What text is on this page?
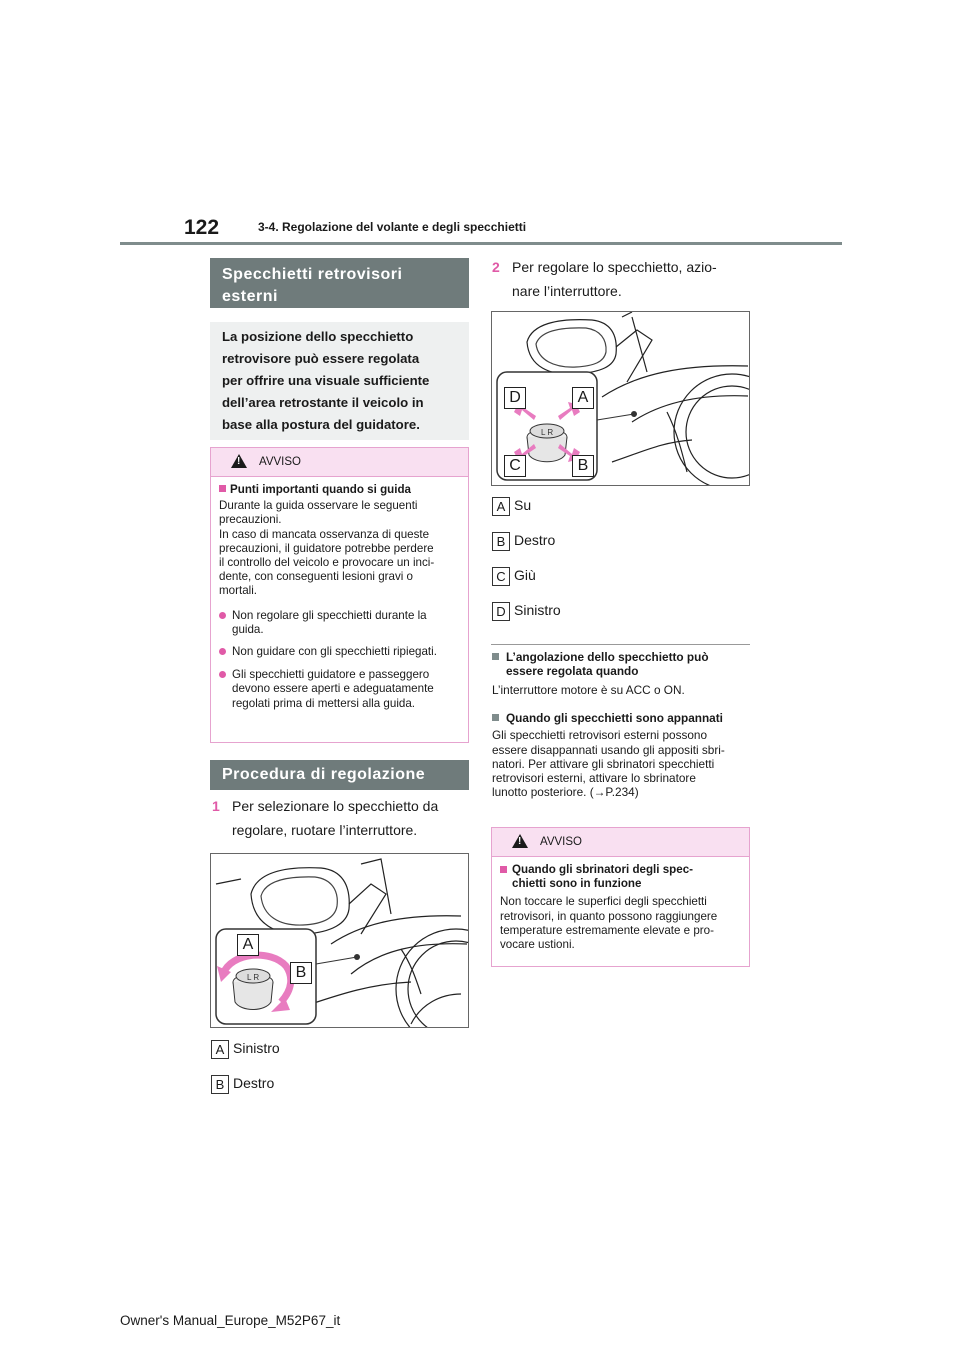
122	3-4. Regolazione del volante e degli specchietti
Specchietti retrovisori
esterni
La posizione dello specchietto
retrovisore può essere regolata
per offrire una visuale sufficiente
dell’area retrostante il veicolo in
base alla postura del guidatore.
!
AVVISO
Punti importanti quando si guida
Durante la guida osservare le seguenti
precauzioni.
In caso di mancata osservanza di queste
precauzioni, il guidatore potrebbe perdere
il controllo del veicolo e provocare un inci-
dente, con conseguenti lesioni gravi o
mortali.
Non regolare gli specchietti durante la
guida.
Non guidare con gli specchietti ripiegati.
Gli specchietti guidatore e passeggero
devono essere aperti e adeguatamente
regolati prima di mettersi alla guida.
Procedura di regolazione
1 Per selezionare lo specchietto da
regolare, ruotare l’interruttore.
L R
A
B
A Sinistro
B Destro
2 Per regolare lo specchietto, azio-
nare l’interruttore.
L R
D	A
C	B
A Su
B Destro
C Giù
D Sinistro
L’angolazione dello specchietto può
essere regolata quando
L’interruttore motore è su ACC o ON.
Quando gli specchietti sono appannati
Gli specchietti retrovisori esterni possono
essere disappannati usando gli appositi sbri-
natori. Per attivare gli sbrinatori specchietti
retrovisori esterni, attivare lo sbrinatore
lunotto posteriore. (→P.234)
!
AVVISO
Quando gli sbrinatori degli spec-
chietti sono in funzione
Non toccare le superfici degli specchietti
retrovisori, in quanto possono raggiungere
temperature estremamente elevate e pro-
vocare ustioni.
Owner's Manual_Europe_M52P67_it
